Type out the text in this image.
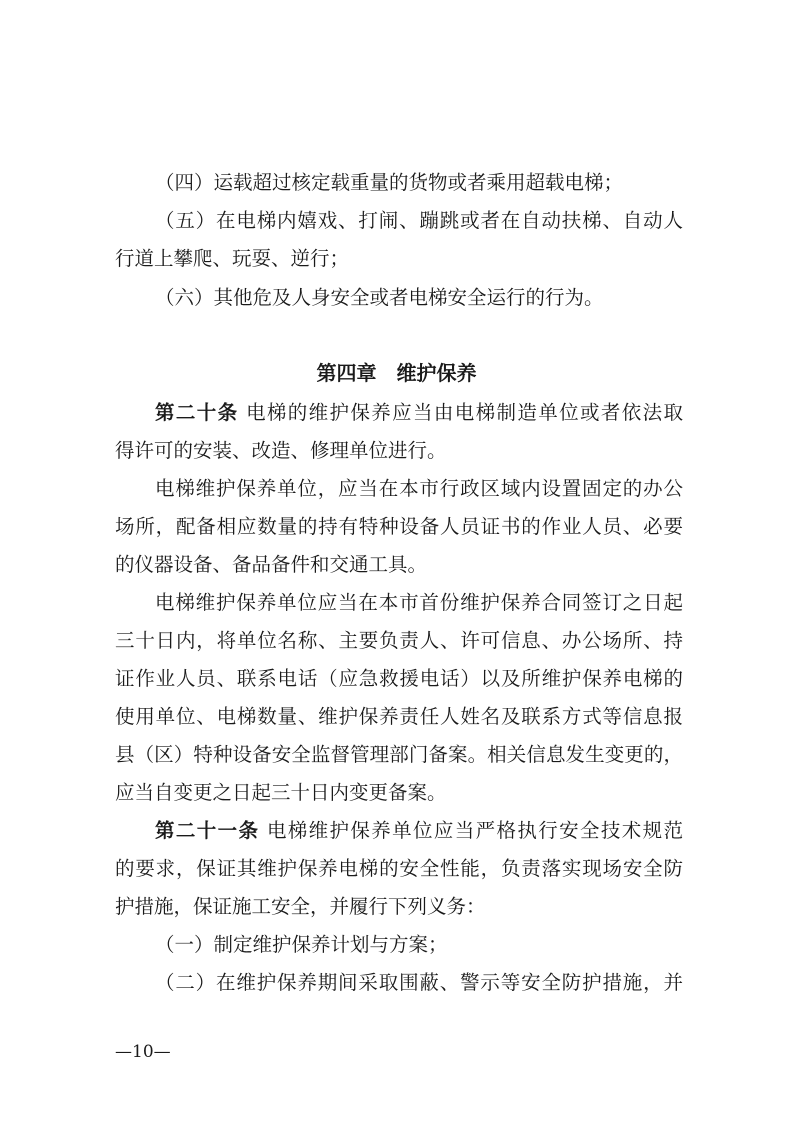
（四）运载超过核定载重量的货物或者乘用超载电梯；
（五）在电梯内嬉戏、打闹、蹦跳或者在自动扶梯、自动人
行道上攀爬、玩耍、逆行；
（六）其他危及人身安全或者电梯安全运行的行为。
第四章　维护保养
第二十条 电梯的维护保养应当由电梯制造单位或者依法取
得许可的安装、改造、修理单位进行。
电梯维护保养单位，应当在本市行政区域内设置固定的办公
场所，配备相应数量的持有特种设备人员证书的作业人员、必要
的仪器设备、备品备件和交通工具。
电梯维护保养单位应当在本市首份维护保养合同签订之日起
三十日内，将单位名称、主要负责人、许可信息、办公场所、持
证作业人员、联系电话（应急救援电话）以及所维护保养电梯的
使用单位、电梯数量、维护保养责任人姓名及联系方式等信息报
县（区）特种设备安全监督管理部门备案。相关信息发生变更的，
应当自变更之日起三十日内变更备案。
第二十一条 电梯维护保养单位应当严格执行安全技术规范
的要求，保证其维护保养电梯的安全性能，负责落实现场安全防
护措施，保证施工安全，并履行下列义务：
（一）制定维护保养计划与方案；
（二）在维护保养期间采取围蔽、警示等安全防护措施，并
—10—
